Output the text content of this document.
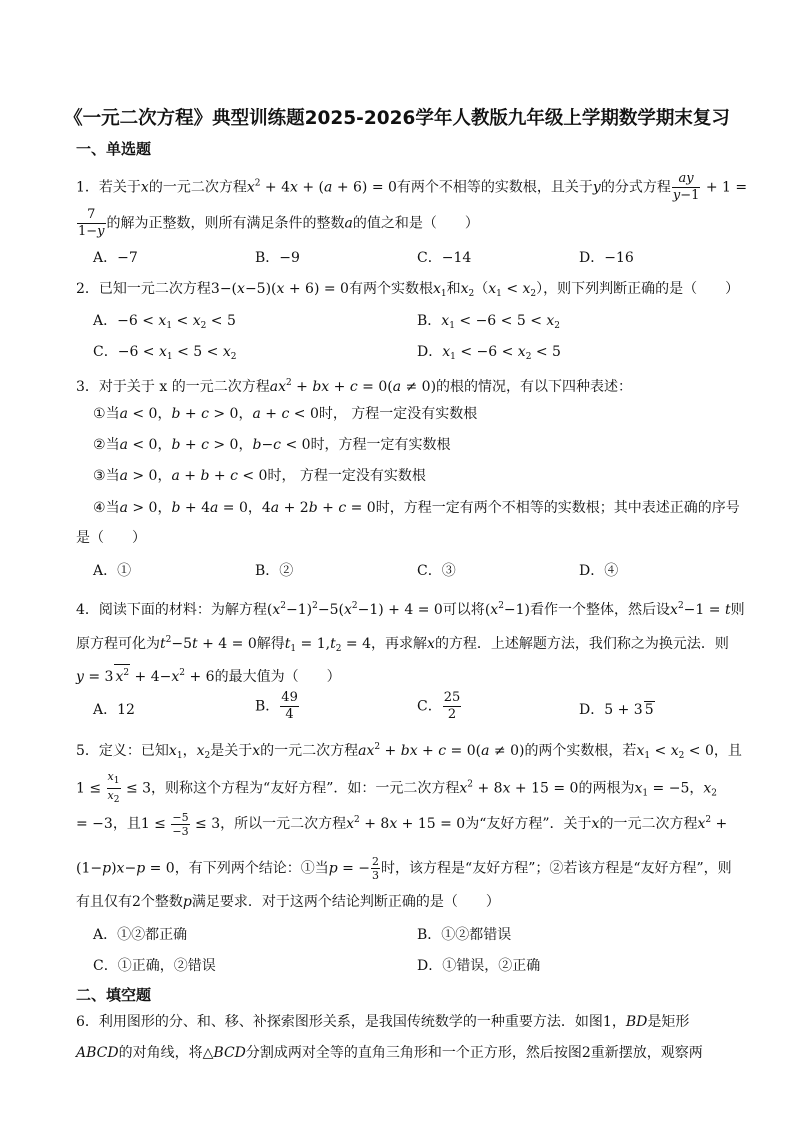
《一元二次方程》典型训练题2025-2026学年人教版九年级上学期数学期末复习
一、单选题
1．若关于x的一元二次方程$x^2 + 4x + (a + 6) = 0$有两个不相等的实数根，且关于y的分式方程 $\frac{ay}{y-1} + 1$ =
$\frac{7}{1-y}$ 的解为正整数，则所有满足条件的整数a的值之和是（　　）
A．−7	B．−9	C．−14	D．−16
2．已知一元二次方程3−(x−5)(x + 6) = 0有两个实数根$x_1$和$x_2(x_1 < x_2)$，则下列判断正确的是（　　）
A．$-6 < x_1 < x_2 < 5$	B．$x_1 < -6 < 5 < x_2$
C．$-6 < x_1 < 5 < x_2$	D．$x_1 < -6 < x_2 < 5$
3．对于关于 x 的一元二次方程$ax^2$ + bx + c = 0(a ≠ 0)的根的情况，有以下四种表述：
①当a < 0，b + c > 0，a + c < 0时， 方程一定没有实数根
②当a < 0，b + c > 0，b−c < 0时，方程一定有实数根
③当a > 0，a + b + c < 0时， 方程一定没有实数根
④当a > 0，b + 4a = 0，4a + 2b + c = 0时，方程一定有两个不相等的实数根；其中表述正确的序号
是（　　）
A．①	B．②	C．③	D．④
4．阅读下面的材料：为解方程$(x^2-1)^2-5(x^2-1) + 4 = 0$可以将$(x^2-1)$看作一个整体，然后设$x^2-1 = t$则
原方程可化为$t^2-5t + 4 = 0$解得$t_1 = 1,t_2 = 4$，再求解x的方程．上述解题方法，我们称之为换元法．则
y = 3 $x^2 + 4-x^2 + 6$的最大值为（　　）
A．12	B． $\frac{49}{4}$	C． $\frac{25}{2}$	D．5 + 3 5
5．定义：已知$x_1$，$x_2$是关于x的一元二次方程$ax^2$ + bx + c = 0(a ≠ 0)的两个实数根，若$x_1 < x_2 < 0$，且
$1 \le \frac{x_1}{x_2} \le 3$，则称这个方程为“友好方程”．如：一元二次方程$x^2 + 8x + 15 = 0$的两根为$x_1 = -5$，$x_2$
= −3，且$1 \le \frac{-5}{-3} \le 3$，所以一元二次方程$x^2 + 8x + 15 = 0$为“友好方程”．关于x的一元二次方程$x^2$ +
(1−p)x−p = 0，有下列两个结论：①当p = − $\frac{2}{3}$ 时，该方程是“友好方程”；②若该方程是“友好方程”，则
有且仅有2个整数p满足要求．对于这两个结论判断正确的是（　　）
A．①②都正确	B．①②都错误
C．①正确，②错误	D．①错误，②正确
二、填空题
6．利用图形的分、和、移、补探索图形关系，是我国传统数学的一种重要方法．如图1，BD是矩形
ABCD的对角线，将△BCD分割成两对全等的直角三角形和一个正方形，然后按图2重新摆放，观察两
